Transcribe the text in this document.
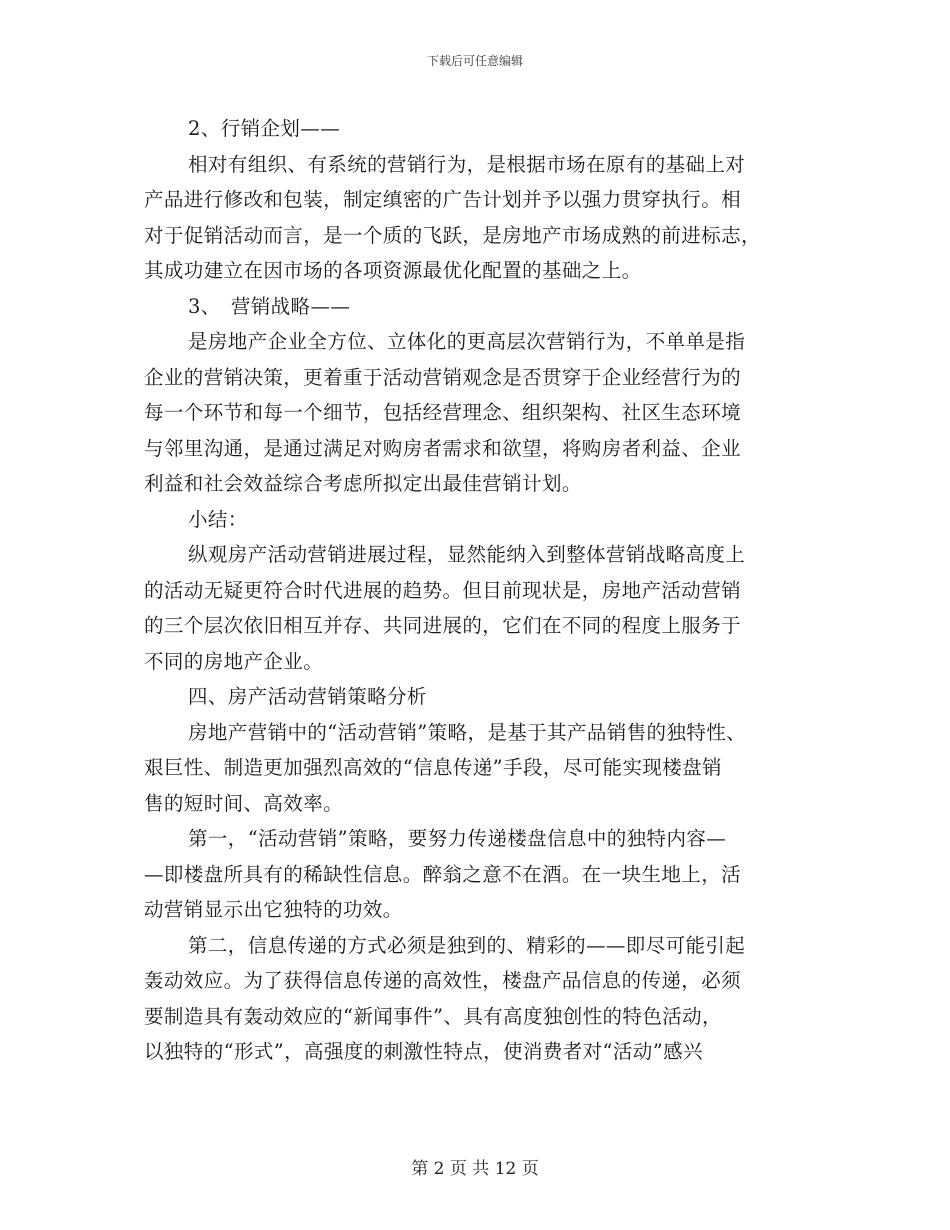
下载后可任意编辑
2、行销企划——
相对有组织、有系统的营销行为，是根据市场在原有的基础上对
产品进行修改和包装，制定缜密的广告计划并予以强力贯穿执行。相
对于促销活动而言，是一个质的飞跃，是房地产市场成熟的前进标志，
其成功建立在因市场的各项资源最优化配置的基础之上。
3、　营销战略——
是房地产企业全方位、立体化的更高层次营销行为，不单单是指
企业的营销决策，更着重于活动营销观念是否贯穿于企业经营行为的
每一个环节和每一个细节，包括经营理念、组织架构、社区生态环境
与邻里沟通，是通过满足对购房者需求和欲望，将购房者利益、企业
利益和社会效益综合考虑所拟定出最佳营销计划。
小结：
纵观房产活动营销进展过程，显然能纳入到整体营销战略高度上
的活动无疑更符合时代进展的趋势。但目前现状是，房地产活动营销
的三个层次依旧相互并存、共同进展的，它们在不同的程度上服务于
不同的房地产企业。
四、房产活动营销策略分析
房地产营销中的“活动营销”策略，是基于其产品销售的独特性、
艰巨性、制造更加强烈高效的“信息传递”手段，尽可能实现楼盘销
售的短时间、高效率。
第一，“活动营销”策略，要努力传递楼盘信息中的独特内容—
—即楼盘所具有的稀缺性信息。醉翁之意不在酒。在一块生地上，活
动营销显示出它独特的功效。
第二，信息传递的方式必须是独到的、精彩的——即尽可能引起
轰动效应。为了获得信息传递的高效性，楼盘产品信息的传递，必须
要制造具有轰动效应的“新闻事件”、具有高度独创性的特色活动，
以独特的“形式”，高强度的刺激性特点，使消费者对“活动”感兴
第 2 页 共 12 页
